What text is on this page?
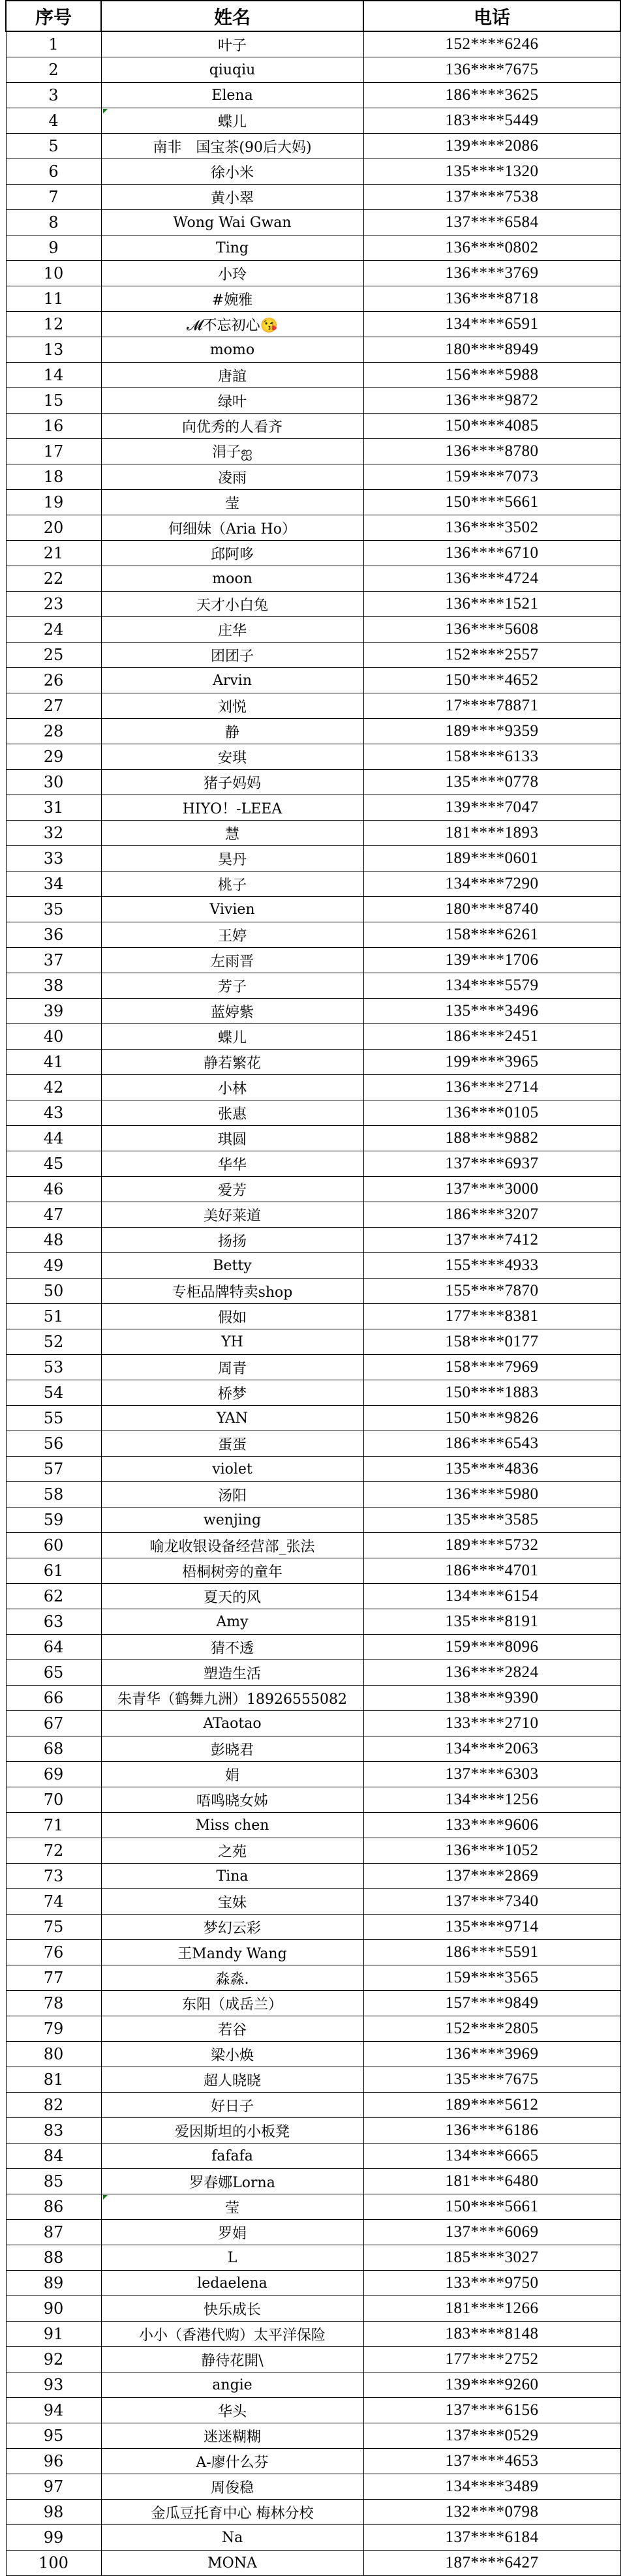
序号	姓名	电话
1	叶子	152****6246
2	qiuqiu	136****7675
3	Elena	186****3625
4	蝶儿	183****5449
5	南非　国宝茶(90后大妈)	139****2086
6	徐小米	135****1320
7	黄小翠	137****7538
8	Wong Wai Gwan	137****6584
9	Ting	136****0802
10	小玲	136****3769
11	#婉雅	136****8718
12	𝓜不忘初心😘	134****6591
13	momo	180****8949
14	唐誼	156****5988
15	绿叶	136****9872
16	向优秀的人看齐	150****4085
17	涓子ஐ	136****8780
18	凌雨	159****7073
19	莹	150****5661
20	何细妹（Aria Ho）	136****3502
21	邱阿哆	136****6710
22	moon	136****4724
23	天才小白兔	136****1521
24	庄华	136****5608
25	团团子	152****2557
26	Arvin	150****4652
27	刘悦	17****78871
28	静	189****9359
29	安琪	158****6133
30	猪子妈妈	135****0778
31	HIYO！-LEEA	139****7047
32	慧	181****1893
33	昊丹	189****0601
34	桃子	134****7290
35	Vivien	180****8740
36	王婷	158****6261
37	左雨晋	139****1706
38	芳子	134****5579
39	蓝婷紫	135****3496
40	蝶儿	186****2451
41	静若繁花	199****3965
42	小林	136****2714
43	张惠	136****0105
44	琪圆	188****9882
45	华华	137****6937
46	爱芳	137****3000
47	美好莱道	186****3207
48	扬扬	137****7412
49	Betty	155****4933
50	专柜品牌特卖shop	155****7870
51	假如	177****8381
52	YH	158****0177
53	周青	158****7969
54	桥梦	150****1883
55	YAN	150****9826
56	蛋蛋	186****6543
57	violet	135****4836
58	汤阳	136****5980
59	wenjing	135****3585
60	喻龙收银设备经营部_张法	189****5732
61	梧桐树旁的童年	186****4701
62	夏天的风	134****6154
63	Amy	135****8191
64	猜不透	159****8096
65	塑造生活	136****2824
66	朱青华（鹤舞九洲）18926555082	138****9390
67	ATaotao	133****2710
68	彭晓君	134****2063
69	娟	137****6303
70	唔鸣晓女姊	134****1256
71	Miss chen	133****9606
72	之苑	136****1052
73	Tina	137****2869
74	宝妹	137****7340
75	梦幻云彩	135****9714
76	王Mandy Wang	186****5591
77	淼淼.	159****3565
78	东阳（成岳兰）	157****9849
79	若谷	152****2805
80	梁小焕	136****3969
81	超人晓晓	135****7675
82	好日子	189****5612
83	爱因斯坦的小板凳	136****6186
84	fafafa	134****6665
85	罗春娜Lorna	181****6480
86	莹	150****5661
87	罗娟	137****6069
88	L	185****3027
89	ledaelena	133****9750
90	快乐成长	181****1266
91	小小（香港代购）太平洋保险	183****8148
92	静待花開\	177****2752
93	angie	139****9260
94	华头	137****6156
95	迷迷糊糊	137****0529
96	A-廖什么芬	137****4653
97	周俊稳	134****3489
98	金瓜豆托育中心 梅林分校	132****0798
99	Na	137****6184
100	MONA	187****6427
